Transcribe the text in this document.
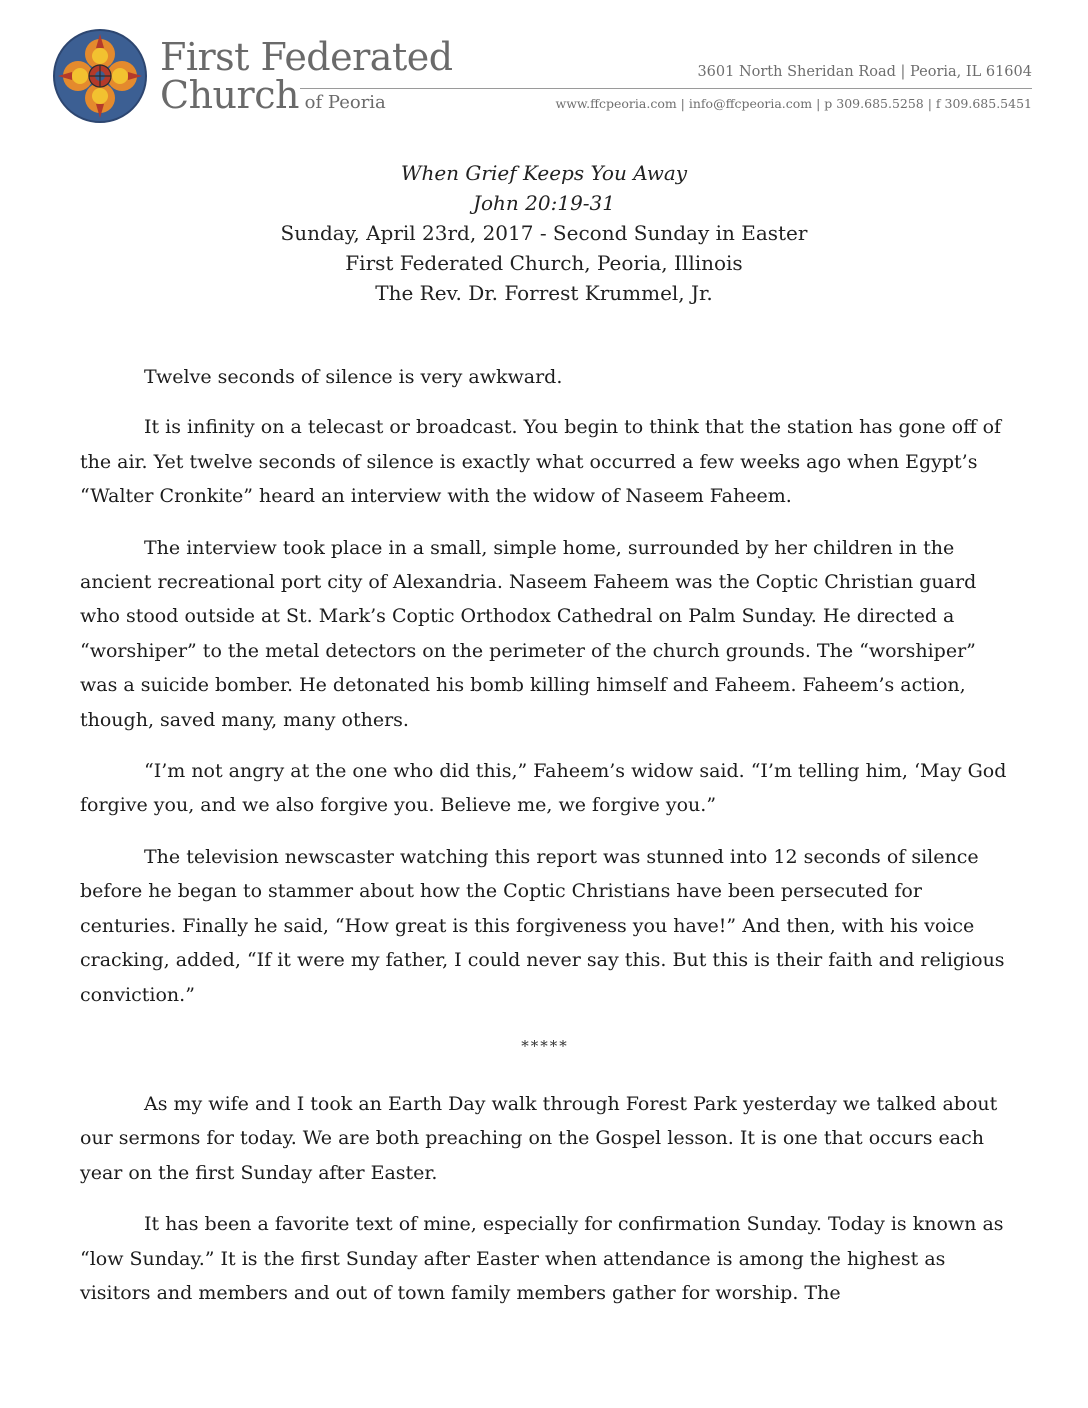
First Federated
Church of Peoria
3601 North Sheridan Road | Peoria, IL 61604
www.ffcpeoria.com | info@ffcpeoria.com | p 309.685.5258 | f 309.685.5451
When Grief Keeps You Away
John 20:19-31
Sunday, April 23rd, 2017 - Second Sunday in Easter
First Federated Church, Peoria, Illinois
The Rev. Dr. Forrest Krummel, Jr.

Twelve seconds of silence is very awkward.

It is infinity on a telecast or broadcast. You begin to think that the station has gone off of the air. Yet twelve seconds of silence is exactly what occurred a few weeks ago when Egypt’s “Walter Cronkite” heard an interview with the widow of Naseem Faheem.

The interview took place in a small, simple home, surrounded by her children in the ancient recreational port city of Alexandria. Naseem Faheem was the Coptic Christian guard who stood outside at St. Mark’s Coptic Orthodox Cathedral on Palm Sunday. He directed a “worshiper” to the metal detectors on the perimeter of the church grounds. The “worshiper” was a suicide bomber. He detonated his bomb killing himself and Faheem. Faheem’s action, though, saved many, many others.

“I’m not angry at the one who did this,” Faheem’s widow said. “I’m telling him, ‘May God forgive you, and we also forgive you. Believe me, we forgive you.”

The television newscaster watching this report was stunned into 12 seconds of silence before he began to stammer about how the Coptic Christians have been persecuted for centuries. Finally he said, “How great is this forgiveness you have!” And then, with his voice cracking, added, “If it were my father, I could never say this. But this is their faith and religious conviction.”

*****

As my wife and I took an Earth Day walk through Forest Park yesterday we talked about our sermons for today. We are both preaching on the Gospel lesson. It is one that occurs each year on the first Sunday after Easter.

It has been a favorite text of mine, especially for confirmation Sunday. Today is known as “low Sunday.” It is the first Sunday after Easter when attendance is among the highest as visitors and members and out of town family members gather for worship. The
